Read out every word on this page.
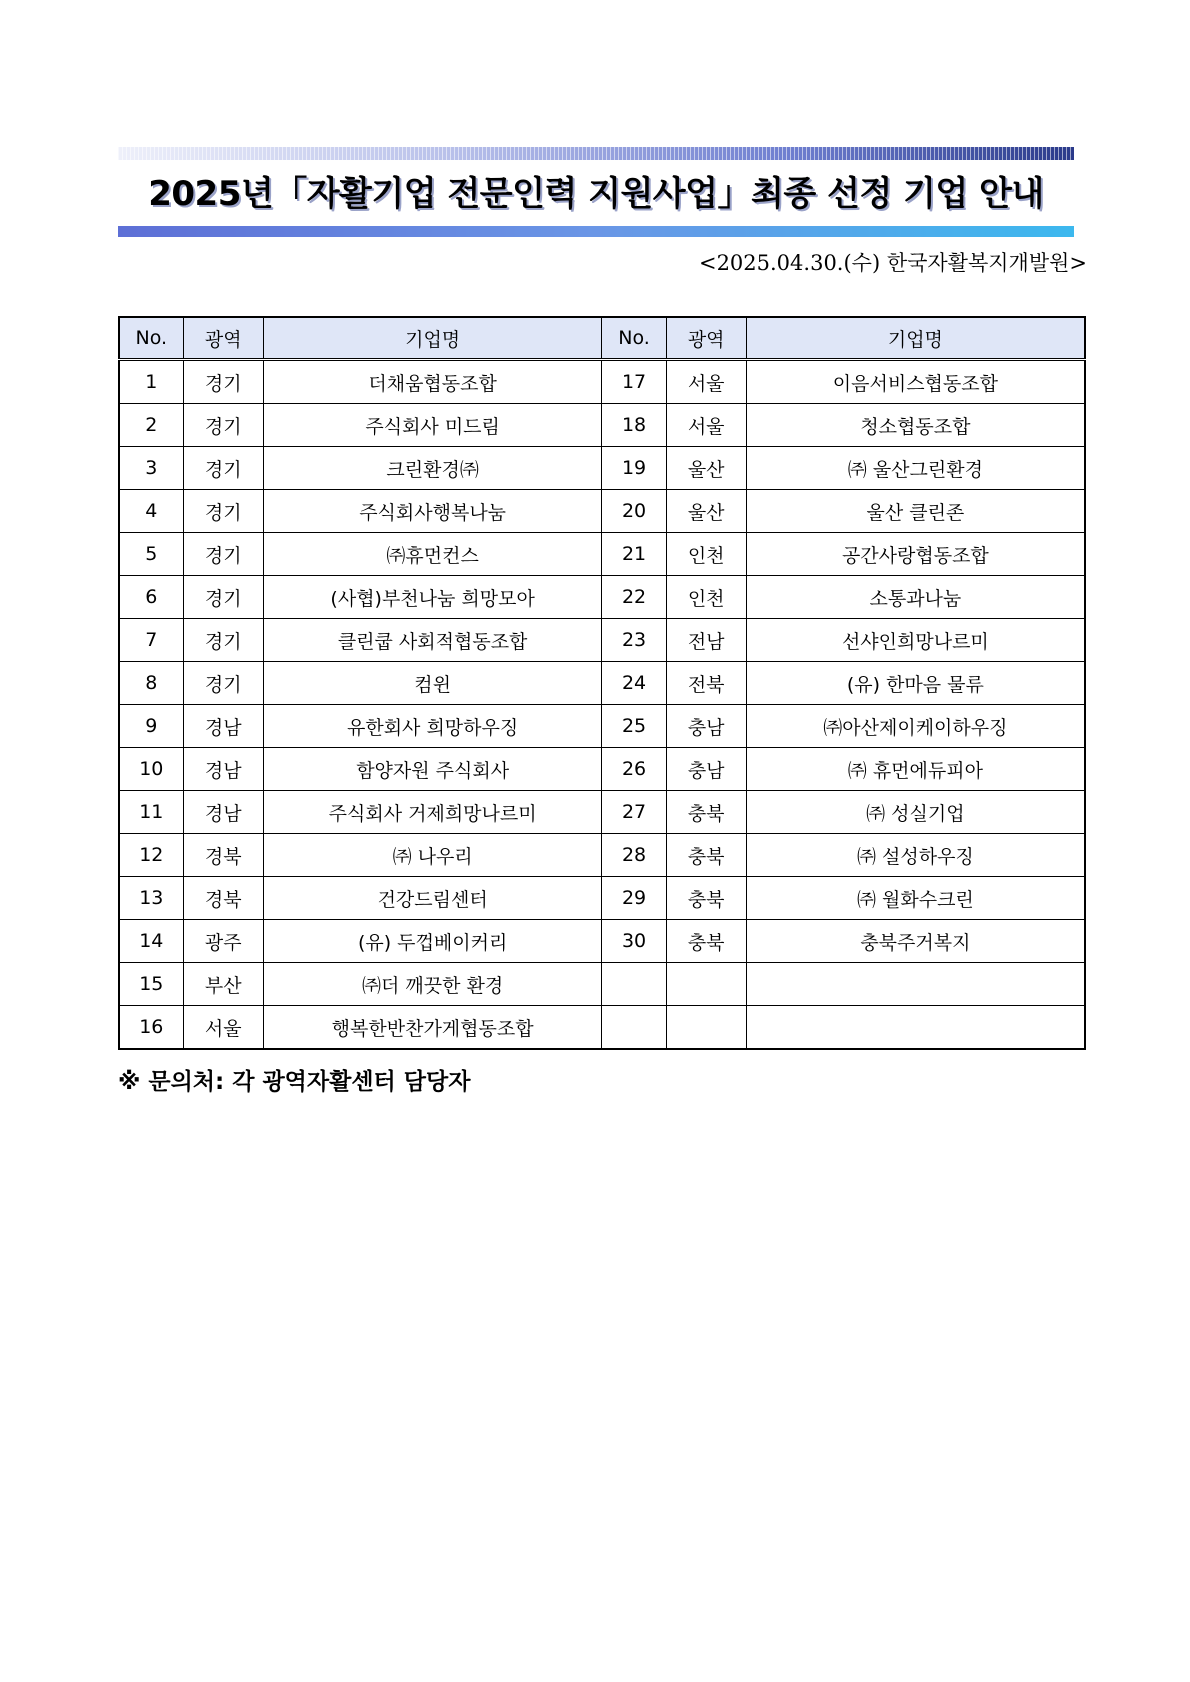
2025년「자활기업 전문인력 지원사업」최종 선정 기업 안내
<2025.04.30.(수) 한국자활복지개발원>
No.	광역	기업명	No.	광역	기업명
1	경기	더채움협동조합	17	서울	이음서비스협동조합
2	경기	주식회사 미드림	18	서울	청소협동조합
3	경기	크린환경㈜	19	울산	㈜ 울산그린환경
4	경기	주식회사행복나눔	20	울산	울산 클린존
5	경기	㈜휴먼컨스	21	인천	공간사랑협동조합
6	경기	(사협)부천나눔 희망모아	22	인천	소통과나눔
7	경기	클린쿱 사회적협동조합	23	전남	선샤인희망나르미
8	경기	컴윈	24	전북	(유) 한마음 물류
9	경남	유한회사 희망하우징	25	충남	㈜아산제이케이하우징
10	경남	함양자원 주식회사	26	충남	㈜ 휴먼에듀피아
11	경남	주식회사 거제희망나르미	27	충북	㈜ 성실기업
12	경북	㈜ 나우리	28	충북	㈜ 설성하우징
13	경북	건강드림센터	29	충북	㈜ 월화수크린
14	광주	(유) 두껍베이커리	30	충북	충북주거복지
15	부산	㈜더 깨끗한 환경			
16	서울	행복한반찬가게협동조합			
※ 문의처: 각 광역자활센터 담당자
